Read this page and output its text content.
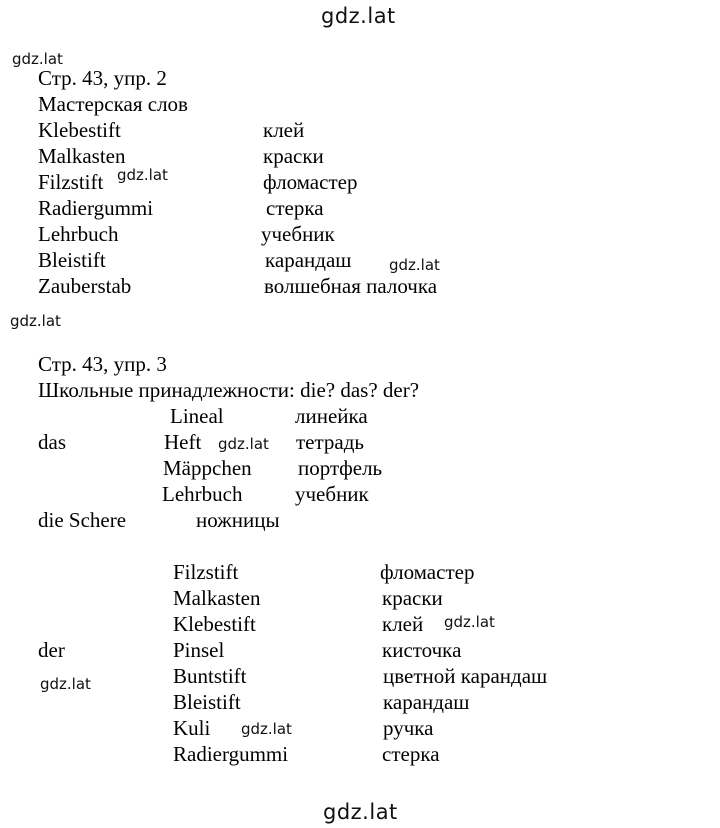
gdz.lat
gdz.lat
gdz.lat
gdz.lat
gdz.lat
gdz.lat
gdz.lat
gdz.lat
gdz.lat
gdz.lat
Стр. 43, упр. 2
Мастерская слов
Klebestift	клей
Malkasten	краски
Filzstift	фломастер
Radiergummi	стерка
Lehrbuch	учебник
Bleistift	карандаш
Zauberstab	волшебная палочка
Стр. 43, упр. 3
Школьные принадлежности: die? das? der?
das
Lineal	линейка
Heft	тетрадь
Mäppchen портфель
Lehrbuch	учебник
die Schere	ножницы
der
Filzstift	фломастер
Malkasten	краски
Klebestift	клей
Pinsel	кисточка
Buntstift	цветной карандаш
Bleistift	карандаш
Kuli	ручка
Radiergummi	стерка
